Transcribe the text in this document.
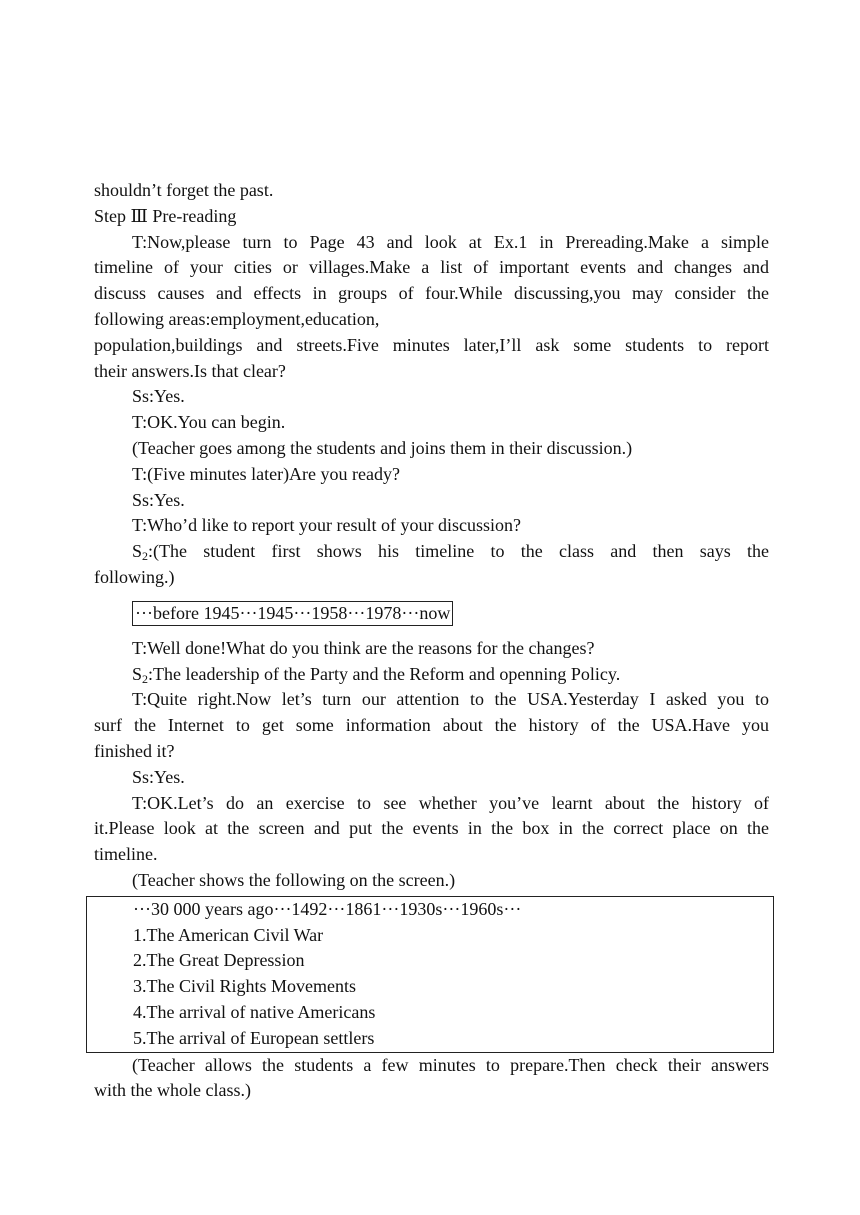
shouldn’t forget the past.
Step Ⅲ Pre-reading
T:Now,please turn to Page 43 and look at Ex.1 in Prereading.Make a simple
timeline of your cities or villages.Make a list of important events and changes and
discuss causes and effects in groups of four.While discussing,you may consider the
following areas:employment,education,
population,buildings and streets.Five minutes later,I’ll ask some students to report
their answers.Is that clear?
Ss:Yes.
T:OK.You can begin.
(Teacher goes among the students and joins them in their discussion.)
T:(Five minutes later)Are you ready?
Ss:Yes.
T:Who’d like to report your result of your discussion?
$S_2:(The$ student first shows his timeline to the class and then says the
following.)
···before 1945···1945···1958···1978···now
T:Well done!What do you think are the reasons for the changes?
$S_2:The$ leadership of the Party and the Reform and openning Policy.
T:Quite right.Now let’s turn our attention to the USA.Yesterday I asked you to
surf the Internet to get some information about the history of the USA.Have you
finished it?
Ss:Yes.
T:OK.Let’s do an exercise to see whether you’ve learnt about the history of
it.Please look at the screen and put the events in the box in the correct place on the
timeline.
(Teacher shows the following on the screen.)
···30 000 years ago···1492···1861···1930s···1960s···
1.The American Civil War
2.The Great Depression
3.The Civil Rights Movements
4.The arrival of native Americans
5.The arrival of European settlers
(Teacher allows the students a few minutes to prepare.Then check their answers
with the whole class.)
